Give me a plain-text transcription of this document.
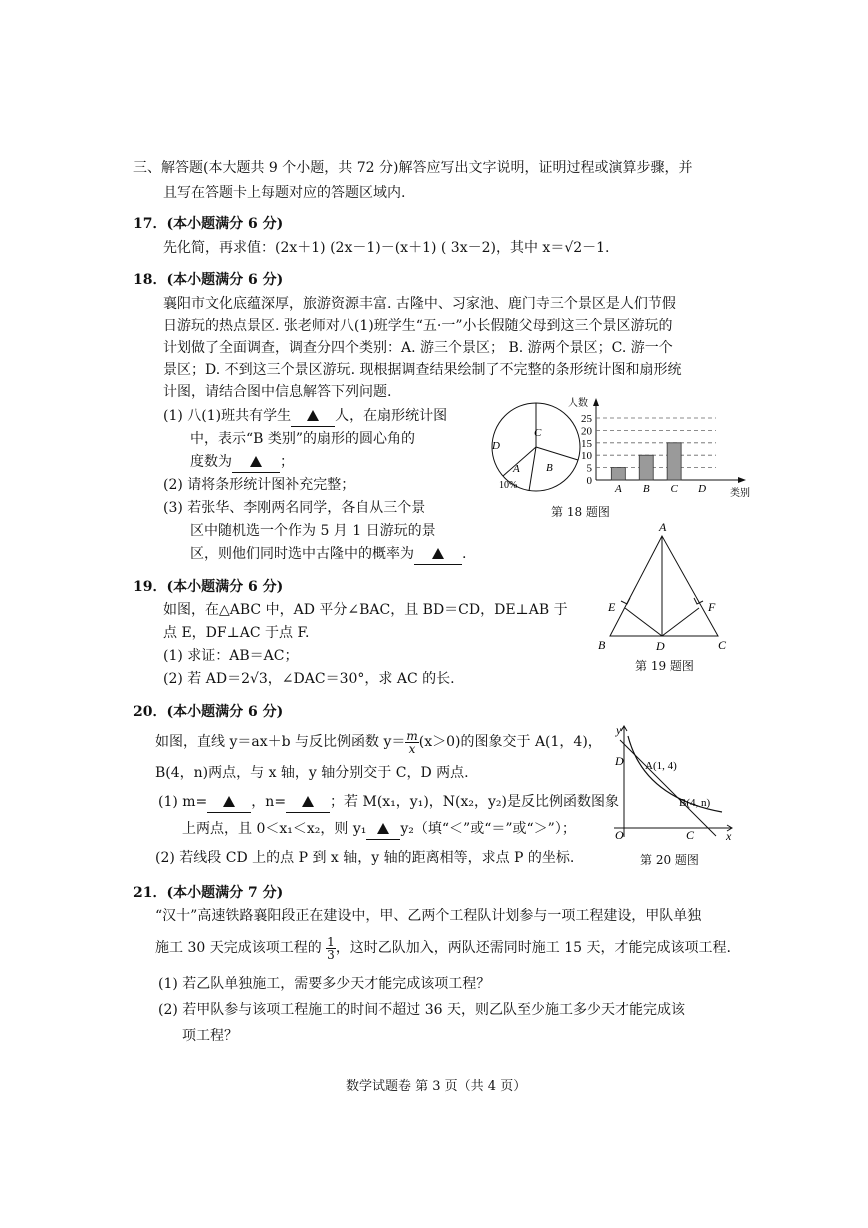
三、解答题(本大题共 9 个小题，共 72 分)解答应写出文字说明，证明过程或演算步骤，并
且写在答题卡上每题对应的答题区域内.
17．(本小题满分 6 分)
先化简，再求值：(2x＋1) (2x－1)－(x＋1) ( 3x－2)，其中 x＝√2－1.
18．(本小题满分 6 分)
襄阳市文化底蕴深厚，旅游资源丰富. 古隆中、习家池、鹿门寺三个景区是人们节假
日游玩的热点景区. 张老师对八(1)班学生“五·一”小长假随父母到这三个景区游玩的
计划做了全面调查，调查分四个类别：A. 游三个景区； B. 游两个景区；C. 游一个
景区；D. 不到这三个景区游玩. 现根据调查结果绘制了不完整的条形统计图和扇形统
计图，请结合图中信息解答下列问题.
(1) 八(1)班共有学生	人，在扇形统计图
中，表示“B 类别”的扇形的圆心角的
度数为	；
(2) 请将条形统计图补充完整；
(3) 若张华、李刚两名同学，各自从三个景
区中随机选一个作为 5 月 1 日游玩的景
区，则他们同时选中古隆中的概率为	.
C
D
A B
10%
25
20
15
10
5
0
人数
A B C D 类别
第 18 题图
19．(本小题满分 6 分)
如图，在△ABC 中，AD 平分∠BAC，且 BD＝CD，DE⊥AB 于
点 E，DF⊥AC 于点 F.
(1) 求证：AB＝AC；
(2) 若 AD＝2√3，∠DAC＝30°，求 AC 的长.
A
E	F
B	D	C
第 19 题图
20．(本小题满分 6 分)
如图，直线 y＝ax＋b 与反比例函数 $y= \frac{m}{x} (x>0)$的图象交于 A(1，4)，
B(4，n)两点，与 x 轴，y 轴分别交于 C，D 两点.
(1) m=	，n=	；若 M(x₁，y₁)，N(x₂，y₂)是反比例函数图象
上两点，且 0＜x₁＜x₂，则 y₁ y₂（填“＜”或“＝”或“＞”）；
(2) 若线段 CD 上的点 P 到 x 轴，y 轴的距离相等，求点 P 的坐标.
y
x
O
D A(1, 4)
B(4, n)
C
第 20 题图
21．(本小题满分 7 分)
“汉十”高速铁路襄阳段正在建设中，甲、乙两个工程队计划参与一项工程建设，甲队单独
施工 30 天完成该项工程的 $\frac{1}{3}$ ，这时乙队加入，两队还需同时施工 15 天，才能完成该项工程.
(1) 若乙队单独施工，需要多少天才能完成该项工程？
(2) 若甲队参与该项工程施工的时间不超过 36 天，则乙队至少施工多少天才能完成该
项工程？
数学试题卷 第 3 页（共 4 页）
